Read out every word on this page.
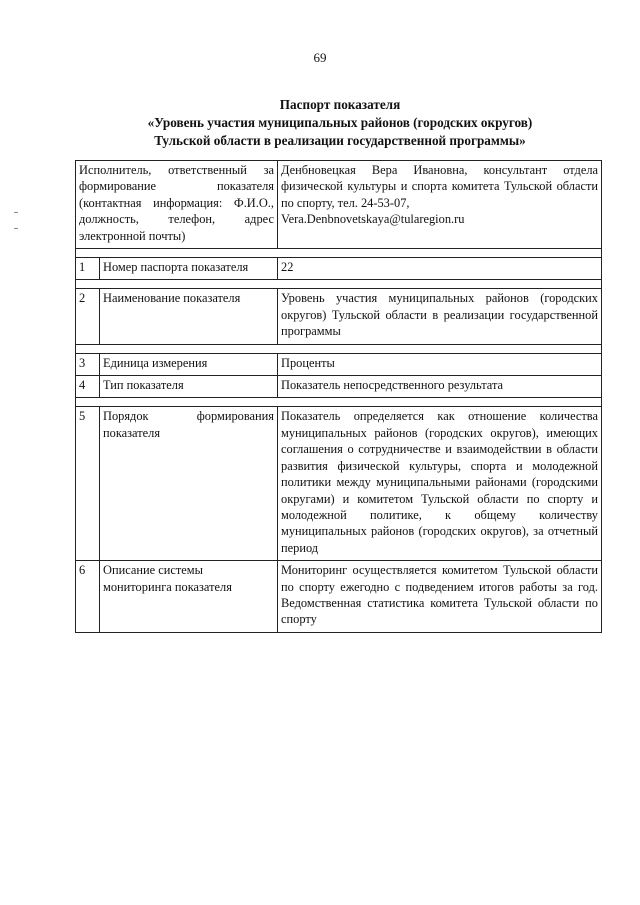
69
Паспорт показателя
«Уровень участия муниципальных районов (городских округов)
Тульской области в реализации государственной программы»
Исполнитель, ответственный за формирование показателя (контактная информация: Ф.И.О., должность, телефон, адрес электронной почты)		Денбновецкая Вера Ивановна, консультант отдела физической культуры и спорта комитета Тульской области по спорту, тел. 24-53-07,
Vera.Denbnovetskaya@tularegion.ru

1	Номер паспорта показателя	22

2	Наименование показателя	Уровень участия муниципальных районов (городских округов) Тульской области в реализации государственной программы

3	Единица измерения	Проценты
4	Тип показателя	Показатель непосредственного результата

5	Порядок формирования показателя	Показатель определяется как отношение количества муниципальных районов (городских округов), имеющих соглашения о сотрудничестве и взаимодействии в области развития физической культуры, спорта и молодежной политики между муниципальными районами (городскими округами) и комитетом Тульской области по спорту и молодежной политике, к общему количеству муниципальных районов (городских округов), за отчетный период
6	Описание системы мониторинга показателя	Мониторинг осуществляется комитетом Тульской области по спорту ежегодно с подведением итогов работы за год. Ведомственная статистика комитета Тульской области по спорту
